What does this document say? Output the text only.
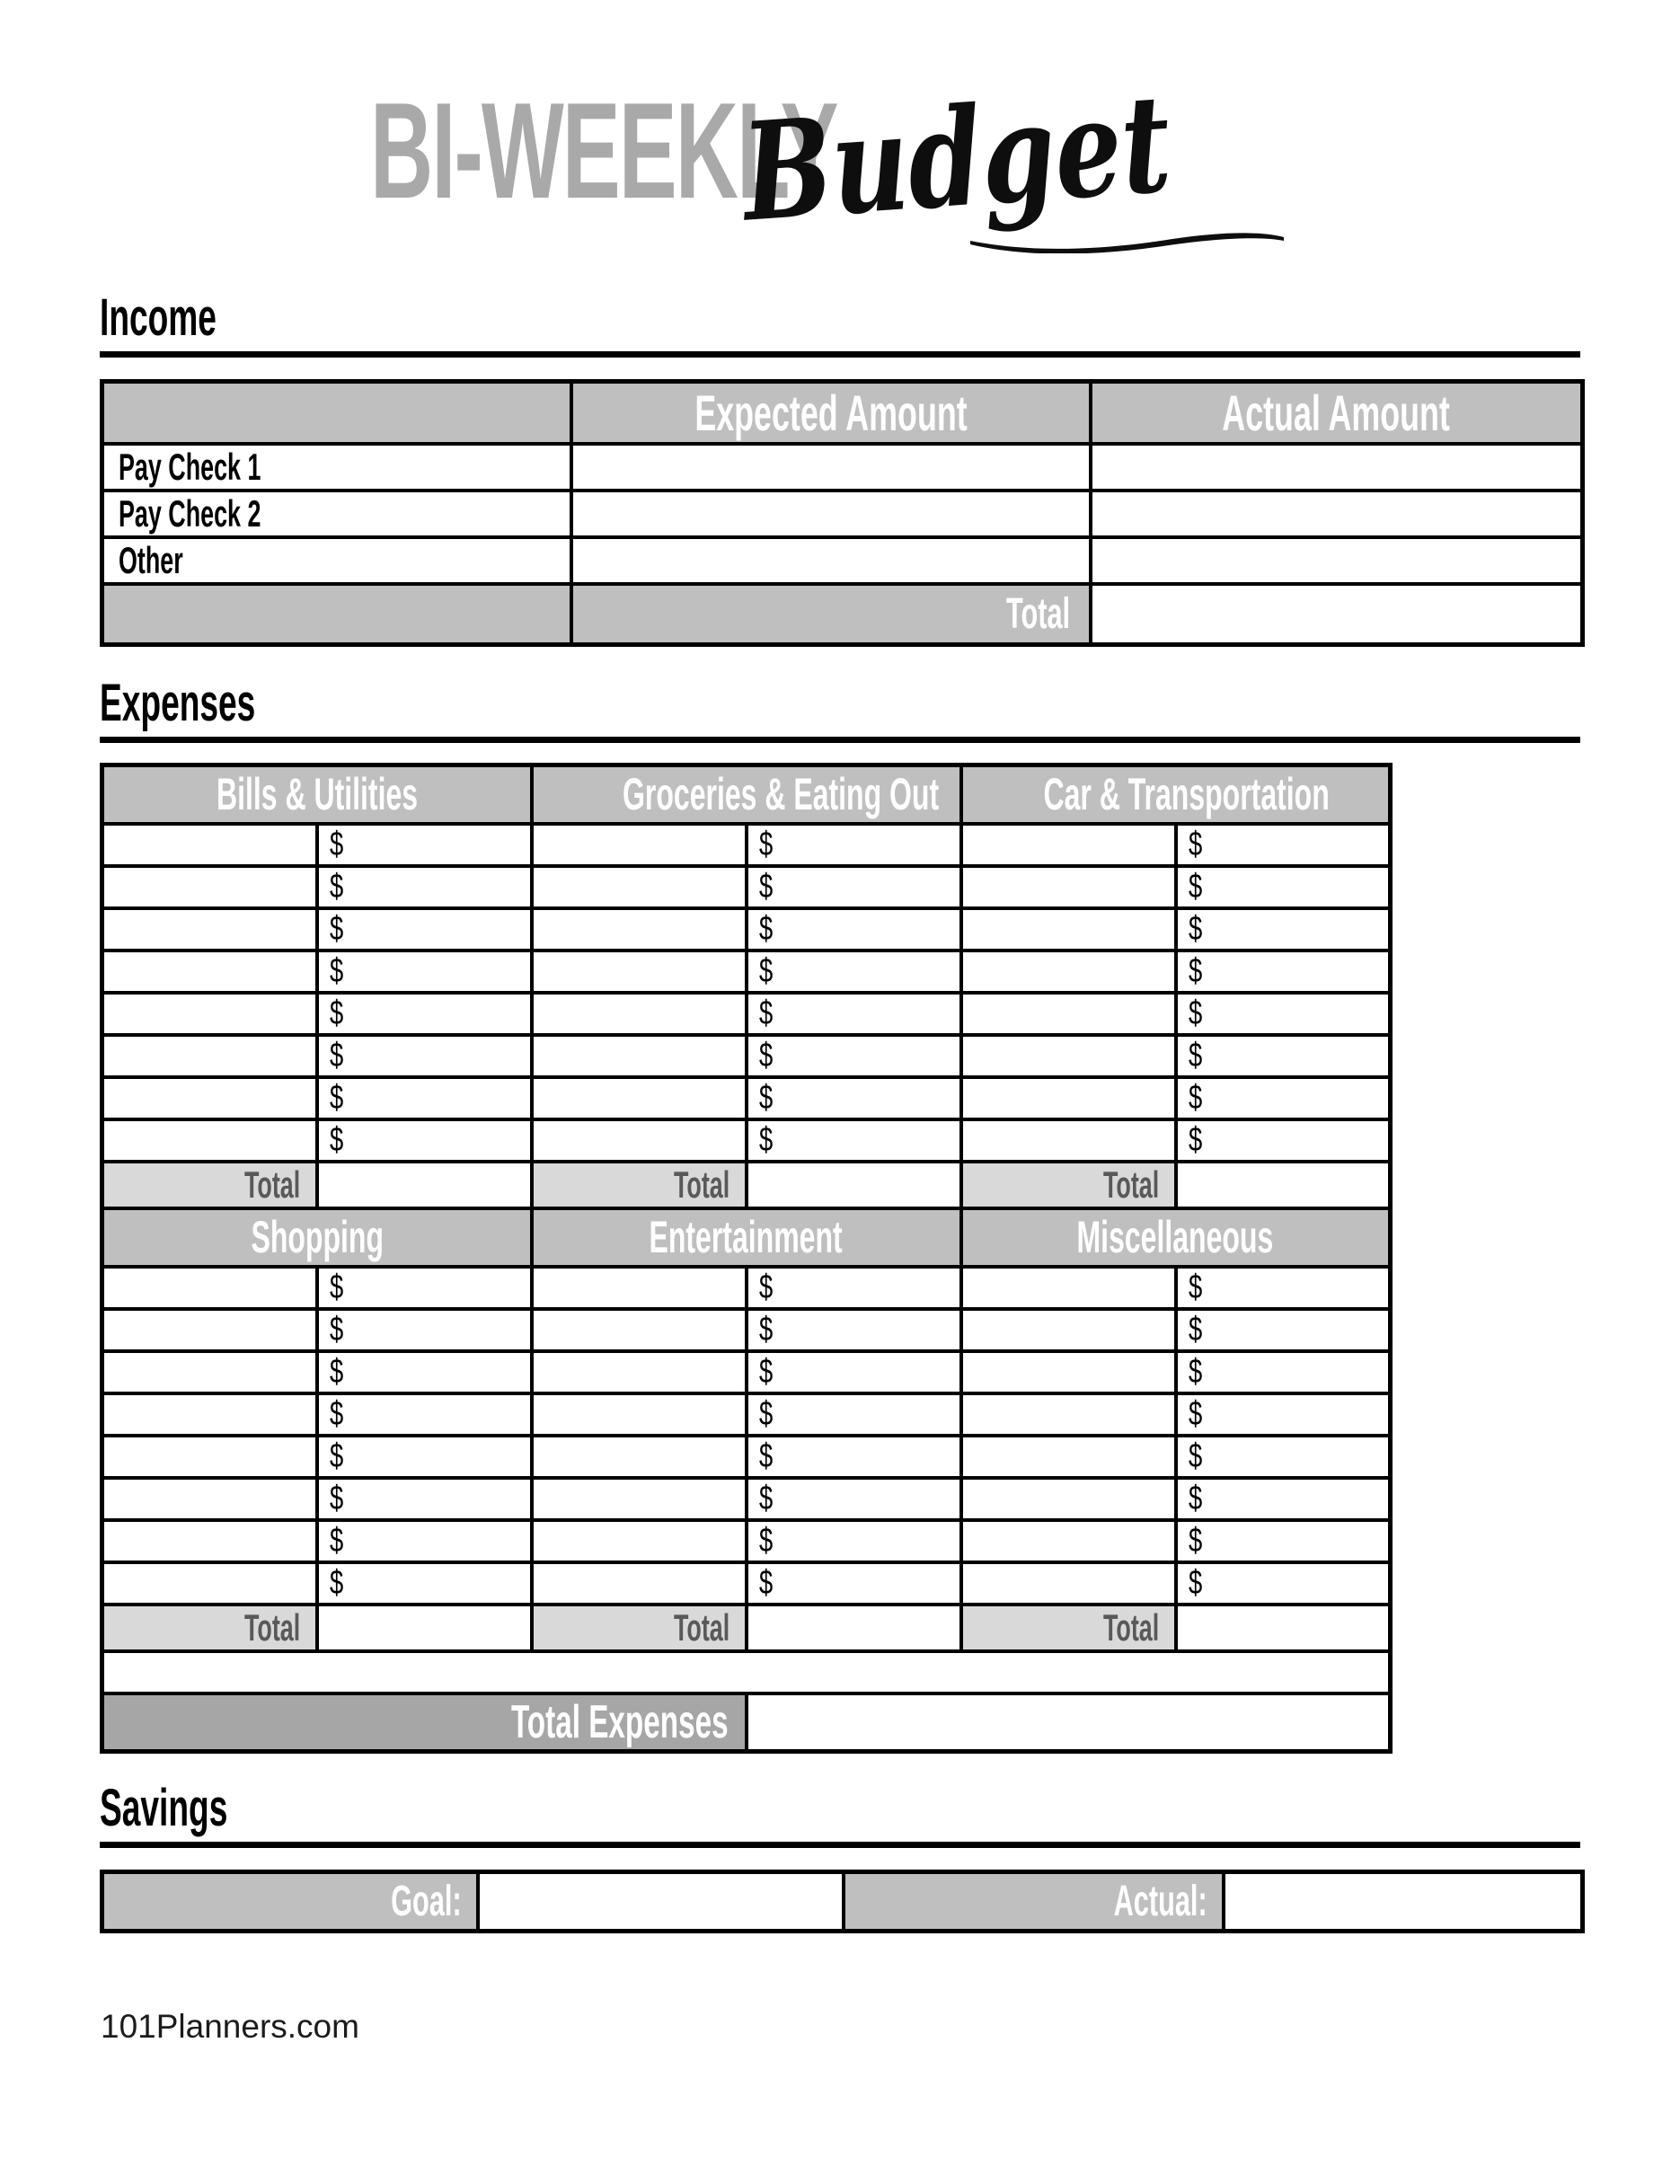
BI-WEEKLY
Budget
Income
	Expected Amount	Actual Amount
Pay Check 1		
Pay Check 2		
Other		
	Total	
Expenses
Bills & Utilities		Groceries & Eating Out		Car & Transportation	
	$		$		$
	$		$		$
	$		$		$
	$		$		$
	$		$		$
	$		$		$
	$		$		$
	$		$		$
Total		Total		Total	
Shopping		Entertainment		Miscellaneous	
	$		$		$
	$		$		$
	$		$		$
	$		$		$
	$		$		$
	$		$		$
	$		$		$
	$		$		$
Total		Total		Total	

Total Expenses					
Savings
Goal:		Actual:	
101Planners.com
